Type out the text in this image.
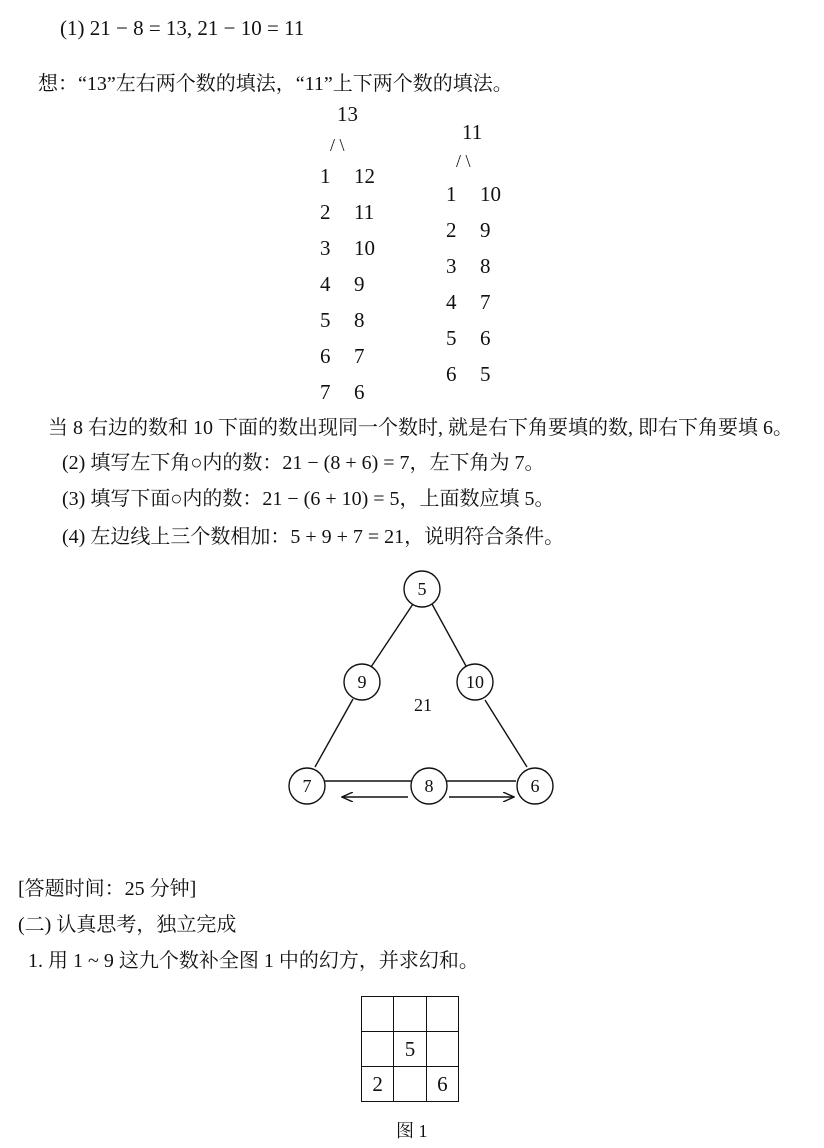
(1) 21 − 8 = 13, 21 − 10 = 11
想：“13”左右两个数的填法，“11”上下两个数的填法。
13
/ \
1 12
2 11
3 10
4 9
5 8
6 7
7 6
11
/ \
1 10
2 9
3 8
4 7
5 6
6 5
当 8 右边的数和 10 下面的数出现同一个数时, 就是右下角要填的数, 即右下角要填 6。
(2) 填写左下角○内的数：21 − (8 + 6) = 7，左下角为 7。
(3) 填写下面○内的数：21 − (6 + 10) = 5，上面数应填 5。
(4) 左边线上三个数相加：5 + 9 + 7 = 21，说明符合条件。
5
9	10
21
7	8	6
[答题时间：25 分钟]
(二) 认真思考，独立完成
1. 用 1 ~ 9 这九个数补全图 1 中的幻方，并求幻和。

	5	
2		6
图 1
